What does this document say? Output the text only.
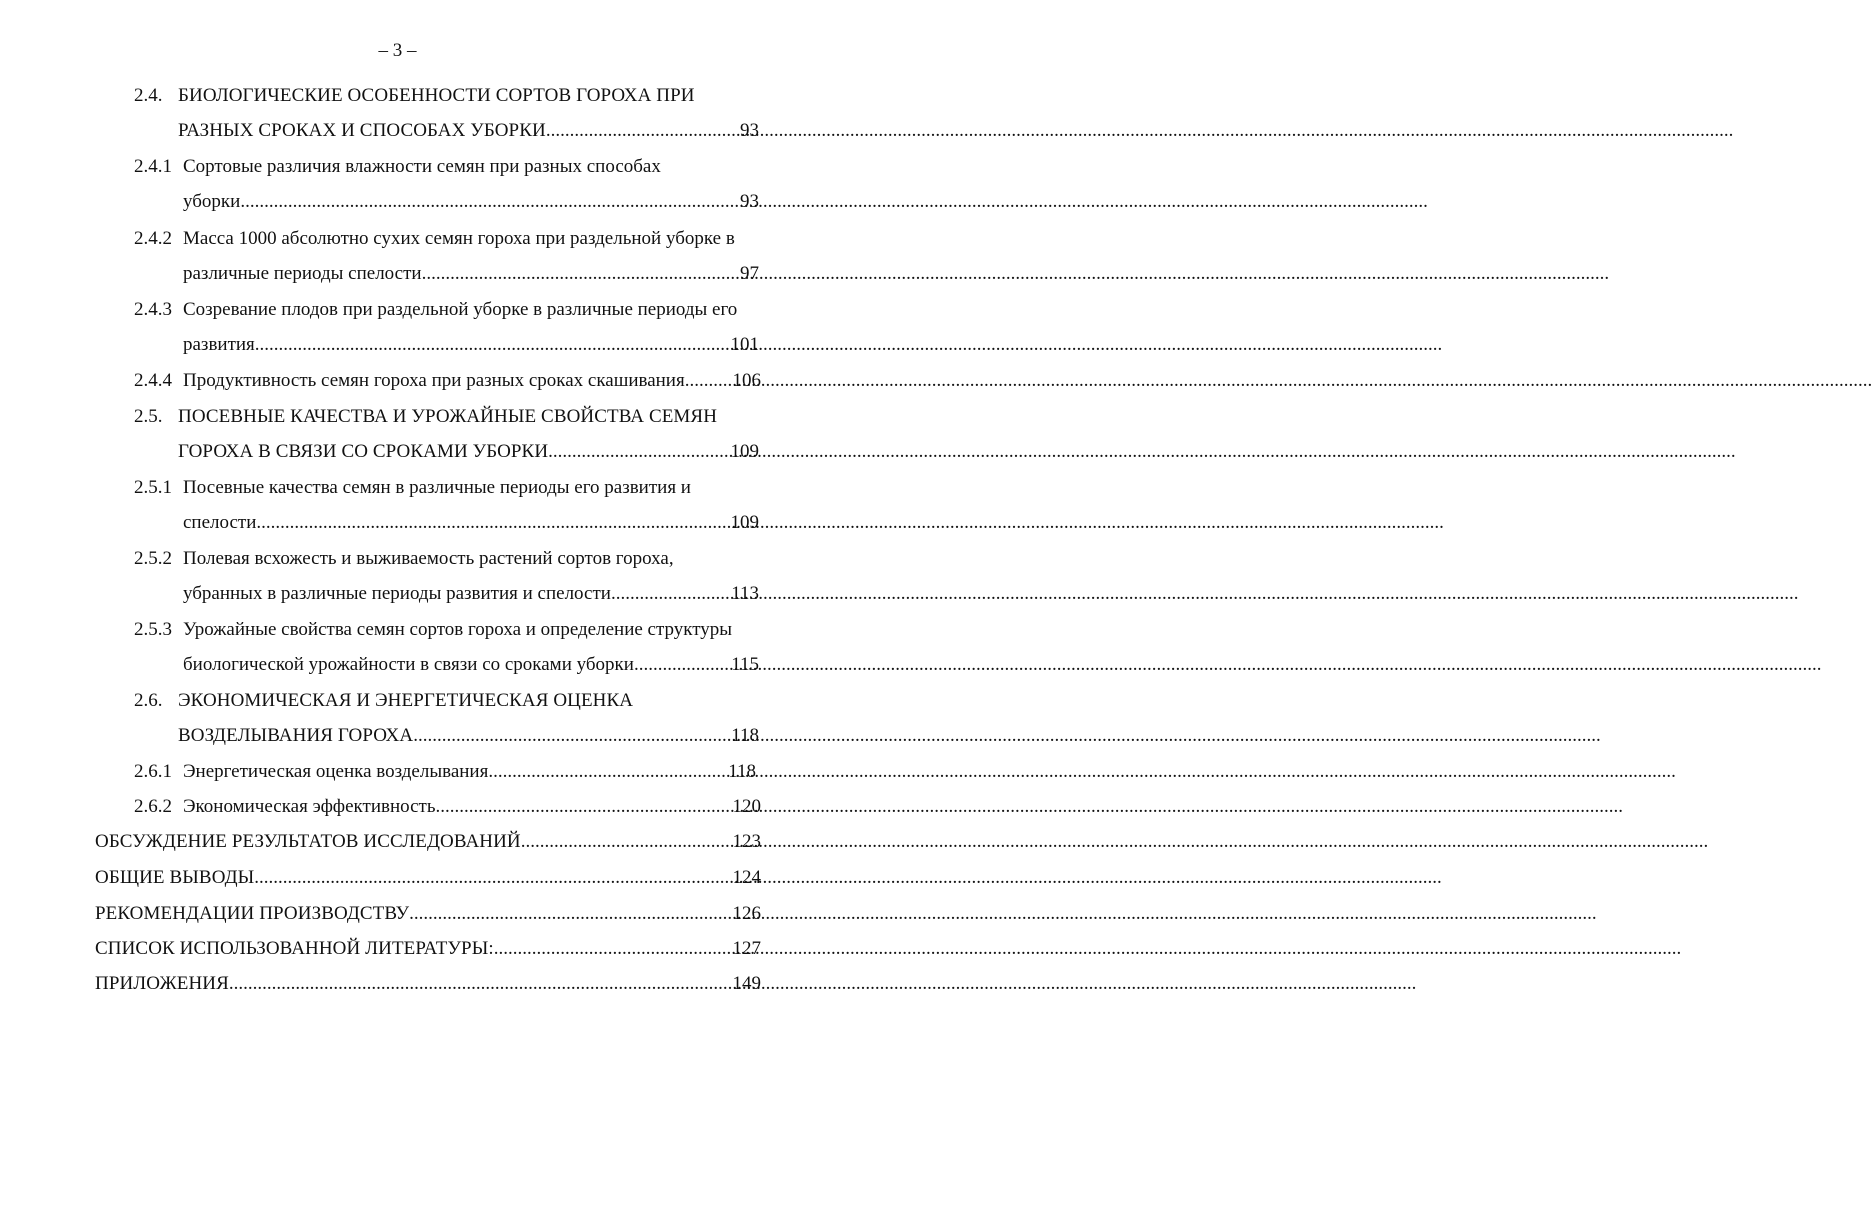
– 3 –
2.4. БИОЛОГИЧЕСКИЕ ОСОБЕННОСТИ СОРТОВ ГОРОХА ПРИ
РАЗНЫХ СРОКАХ И СПОСОБАХ УБОРКИ .....	93
2.4.1 Сортовые различия влажности семян при разных способах
уборки .....	93
2.4.2 Масса 1000 абсолютно сухих семян гороха при раздельной уборке в
различные периоды спелости .....	97
2.4.3 Созревание плодов при раздельной уборке в различные периоды его
развития .....	101
2.4.4 Продуктивность семян гороха при разных сроках скашивания .....	106
2.5. ПОСЕВНЫЕ КАЧЕСТВА И УРОЖАЙНЫЕ СВОЙСТВА СЕМЯН
ГОРОХА В СВЯЗИ СО СРОКАМИ УБОРКИ .....	109
2.5.1 Посевные качества семян в различные периоды его развития и
спелости .....	109
2.5.2 Полевая всхожесть и выживаемость растений сортов гороха,
убранных в различные периоды развития и спелости .....	113
2.5.3 Урожайные свойства семян сортов гороха и определение структуры
биологической урожайности в связи со сроками уборки .....	115
2.6. ЭКОНОМИЧЕСКАЯ И ЭНЕРГЕТИЧЕСКАЯ ОЦЕНКА
ВОЗДЕЛЫВАНИЯ ГОРОХА .....	118
2.6.1 Энергетическая оценка возделывания .....	118
2.6.2 Экономическая эффективность .....	120
ОБСУЖДЕНИЕ РЕЗУЛЬТАТОВ ИССЛЕДОВАНИЙ .....	123
ОБЩИЕ ВЫВОДЫ .....	124
РЕКОМЕНДАЦИИ ПРОИЗВОДСТВУ .....	126
СПИСОК ИСПОЛЬЗОВАННОЙ ЛИТЕРАТУРЫ: .....	127
ПРИЛОЖЕНИЯ .....	149
